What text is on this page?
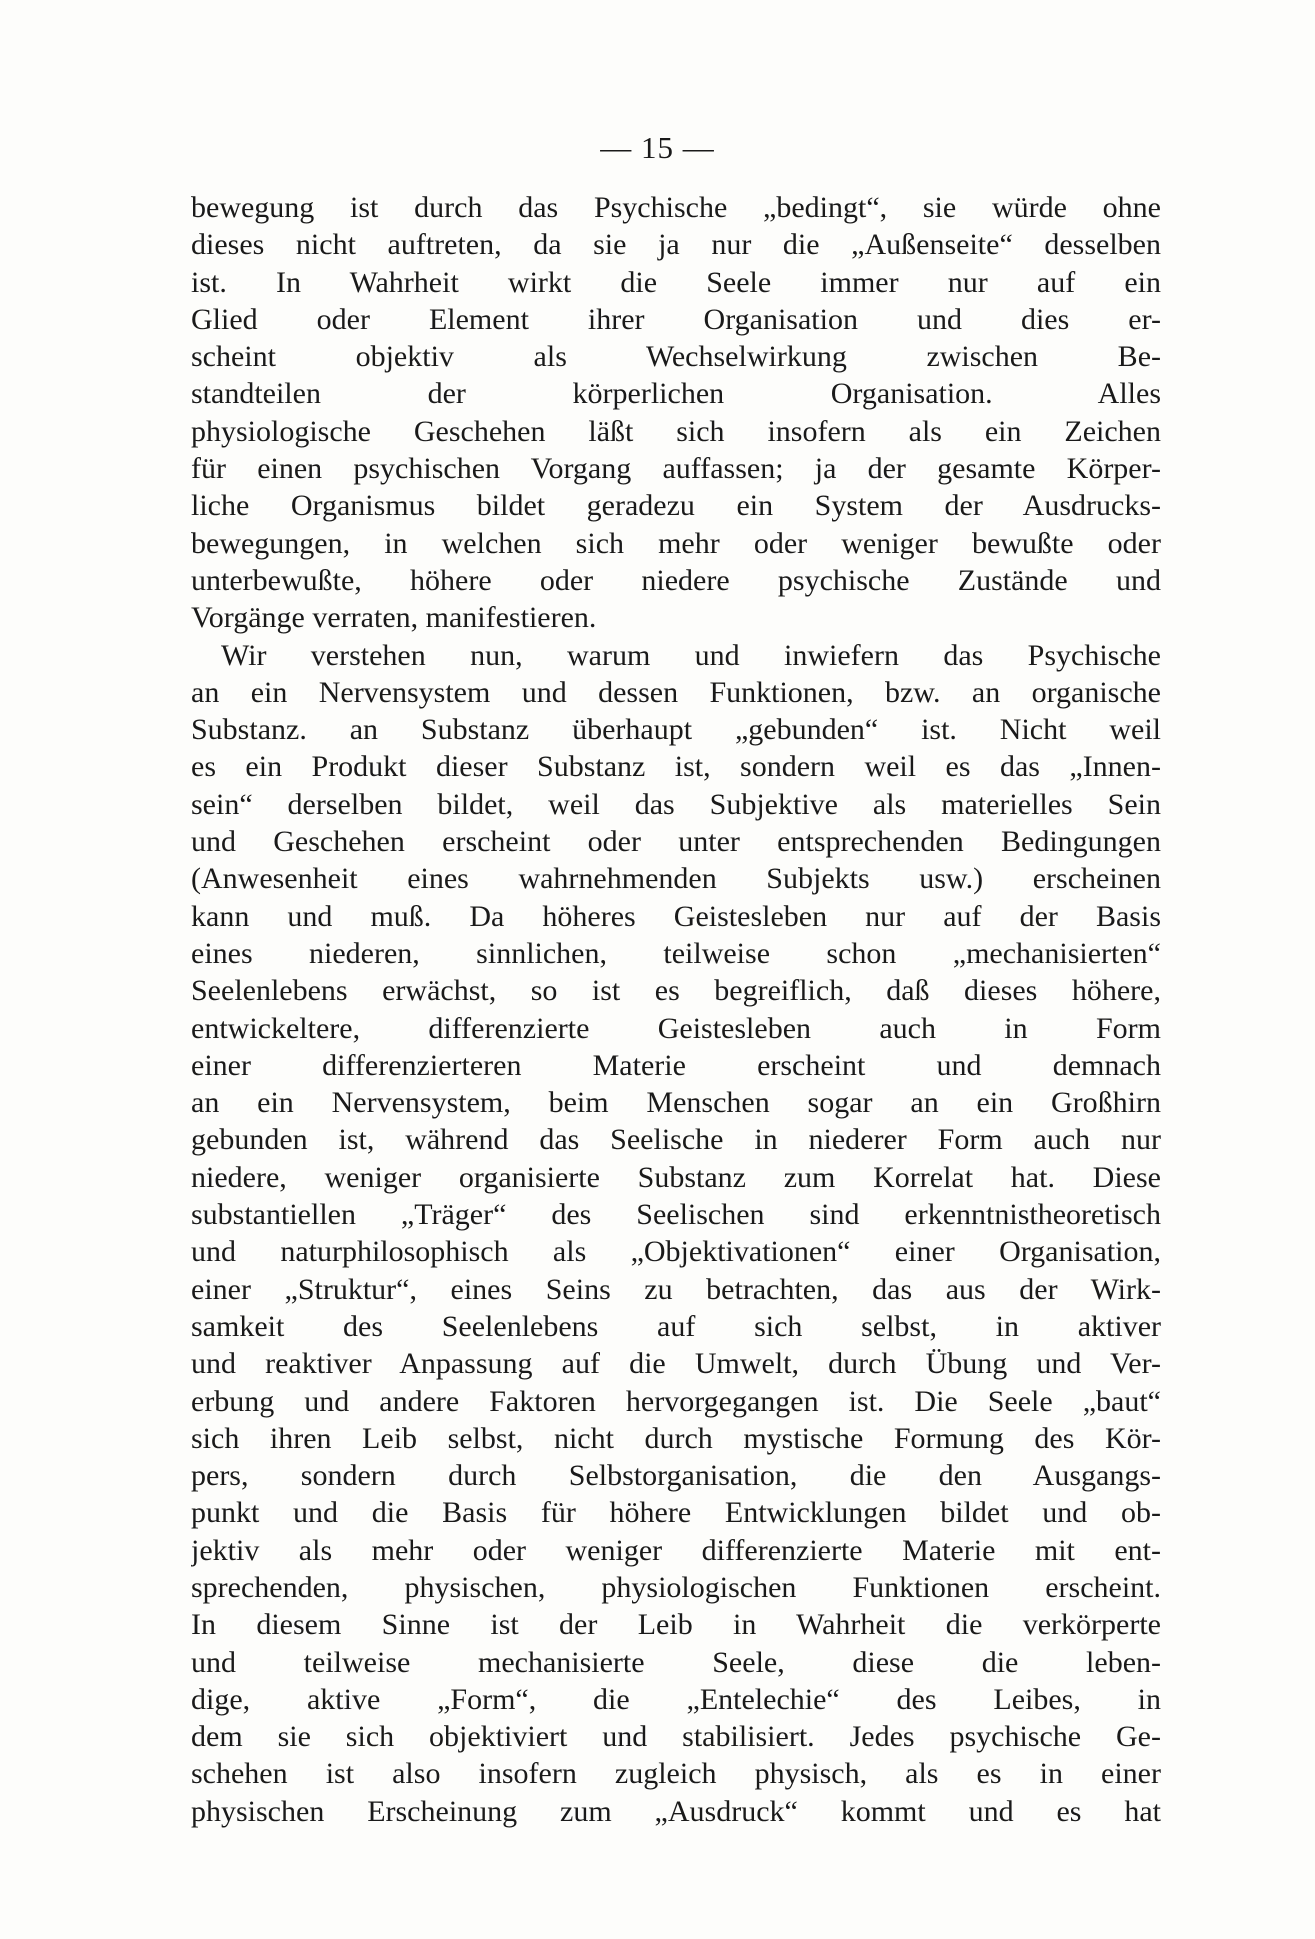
— 15 —
bewegung ist durch das Psychische „bedingt“, sie würde ohne
dieses nicht auftreten, da sie ja nur die „Außenseite“ desselben
ist. In Wahrheit wirkt die Seele immer nur auf ein
Glied oder Element ihrer Organisation und dies er-
scheint objektiv als Wechselwirkung zwischen Be-
standteilen der körperlichen Organisation. Alles
physiologische Geschehen läßt sich insofern als ein Zeichen
für einen psychischen Vorgang auffassen; ja der gesamte Körper-
liche Organismus bildet geradezu ein System der Ausdrucks-
bewegungen, in welchen sich mehr oder weniger bewußte oder
unterbewußte, höhere oder niedere psychische Zustände und
Vorgänge verraten, manifestieren.
Wir verstehen nun, warum und inwiefern das Psychische
an ein Nervensystem und dessen Funktionen, bzw. an organische
Substanz. an Substanz überhaupt „gebunden“ ist. Nicht weil
es ein Produkt dieser Substanz ist, sondern weil es das „Innen-
sein“ derselben bildet, weil das Subjektive als materielles Sein
und Geschehen erscheint oder unter entsprechenden Bedingungen
(Anwesenheit eines wahrnehmenden Subjekts usw.) erscheinen
kann und muß. Da höheres Geistesleben nur auf der Basis
eines niederen, sinnlichen, teilweise schon „mechanisierten“
Seelenlebens erwächst, so ist es begreiflich, daß dieses höhere,
entwickeltere, differenzierte Geistesleben auch in Form
einer differenzierteren Materie erscheint und demnach
an ein Nervensystem, beim Menschen sogar an ein Großhirn
gebunden ist, während das Seelische in niederer Form auch nur
niedere, weniger organisierte Substanz zum Korrelat hat. Diese
substantiellen „Träger“ des Seelischen sind erkenntnistheoretisch
und naturphilosophisch als „Objektivationen“ einer Organisation,
einer „Struktur“, eines Seins zu betrachten, das aus der Wirk-
samkeit des Seelenlebens auf sich selbst, in aktiver
und reaktiver Anpassung auf die Umwelt, durch Übung und Ver-
erbung und andere Faktoren hervorgegangen ist. Die Seele „baut“
sich ihren Leib selbst, nicht durch mystische Formung des Kör-
pers, sondern durch Selbstorganisation, die den Ausgangs-
punkt und die Basis für höhere Entwicklungen bildet und ob-
jektiv als mehr oder weniger differenzierte Materie mit ent-
sprechenden, physischen, physiologischen Funktionen erscheint.
In diesem Sinne ist der Leib in Wahrheit die verkörperte
und teilweise mechanisierte Seele, diese die leben-
dige, aktive „Form“, die „Entelechie“ des Leibes, in
dem sie sich objektiviert und stabilisiert. Jedes psychische Ge-
schehen ist also insofern zugleich physisch, als es in einer
physischen Erscheinung zum „Ausdruck“ kommt und es hat
